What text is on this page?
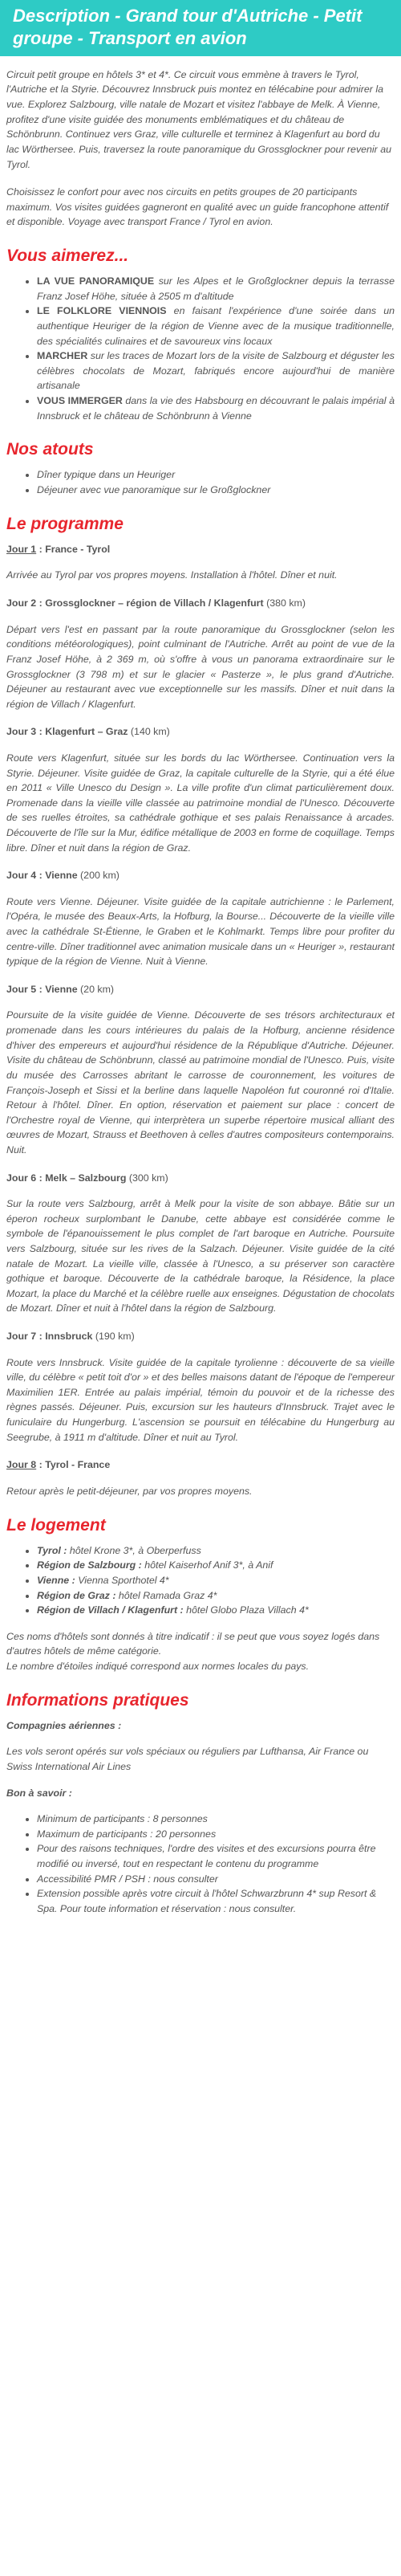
Description - Grand tour d'Autriche - Petit groupe - Transport en avion

Circuit petit groupe en hôtels 3* et 4*. Ce circuit vous emmène à travers le Tyrol, l'Autriche et la Styrie. Découvrez Innsbruck puis montez en télécabine pour admirer la vue. Explorez Salzbourg, ville natale de Mozart et visitez l'abbaye de Melk. À Vienne, profitez d'une visite guidée des monuments emblématiques et du château de Schönbrunn. Continuez vers Graz, ville culturelle et terminez à Klagenfurt au bord du lac Wörthersee. Puis, traversez la route panoramique du Grossglockner pour revenir au Tyrol.

Choisissez le confort pour avec nos circuits en petits groupes de 20 participants maximum. Vos visites guidées gagneront en qualité avec un guide francophone attentif et disponible. Voyage avec transport France / Tyrol en avion.

Vous aimerez...
• LA VUE PANORAMIQUE sur les Alpes et le Großglockner depuis la terrasse Franz Josef Höhe, située à 2505 m d'altitude
• LE FOLKLORE VIENNOIS en faisant l'expérience d'une soirée dans un authentique Heuriger de la région de Vienne avec de la musique traditionnelle, des spécialités culinaires et de savoureux vins locaux
• MARCHER sur les traces de Mozart lors de la visite de Salzbourg et déguster les célèbres chocolats de Mozart, fabriqués encore aujourd'hui de manière artisanale
• VOUS IMMERGER dans la vie des Habsbourg en découvrant le palais impérial à Innsbruck et le château de Schönbrunn à Vienne
Nos atouts
• Dîner typique dans un Heuriger
• Déjeuner avec vue panoramique sur le Großglockner
Le programme

Jour 1 : France - Tyrol

Arrivée au Tyrol par vos propres moyens. Installation à l'hôtel. Dîner et nuit.

Jour 2 : Grossglockner – région de Villach / Klagenfurt (380 km)

Départ vers l'est en passant par la route panoramique du Grossglockner (selon les conditions météorologiques), point culminant de l'Autriche. Arrêt au point de vue de la Franz Josef Höhe, à 2 369 m, où s'offre à vous un panorama extraordinaire sur le Grossglockner (3 798 m) et sur le glacier « Pasterze », le plus grand d'Autriche. Déjeuner au restaurant avec vue exceptionnelle sur les massifs. Dîner et nuit dans la région de Villach / Klagenfurt.

Jour 3 : Klagenfurt – Graz (140 km)

Route vers Klagenfurt, située sur les bords du lac Wörthersee. Continuation vers la Styrie. Déjeuner. Visite guidée de Graz, la capitale culturelle de la Styrie, qui a été élue en 2011 « Ville Unesco du Design ». La ville profite d'un climat particulièrement doux. Promenade dans la vieille ville classée au patrimoine mondial de l'Unesco. Découverte de ses ruelles étroites, sa cathédrale gothique et ses palais Renaissance à arcades. Découverte de l'île sur la Mur, édifice métallique de 2003 en forme de coquillage. Temps libre. Dîner et nuit dans la région de Graz.

Jour 4 : Vienne (200 km)

Route vers Vienne. Déjeuner. Visite guidée de la capitale autrichienne : le Parlement, l'Opéra, le musée des Beaux-Arts, la Hofburg, la Bourse... Découverte de la vieille ville avec la cathédrale St-Étienne, le Graben et le Kohlmarkt. Temps libre pour profiter du centre-ville. Dîner traditionnel avec animation musicale dans un « Heuriger », restaurant typique de la région de Vienne. Nuit à Vienne.

Jour 5 : Vienne (20 km)

Poursuite de la visite guidée de Vienne. Découverte de ses trésors architecturaux et promenade dans les cours intérieures du palais de la Hofburg, ancienne résidence d'hiver des empereurs et aujourd'hui résidence de la République d'Autriche. Déjeuner. Visite du château de Schönbrunn, classé au patrimoine mondial de l'Unesco. Puis, visite du musée des Carrosses abritant le carrosse de couronnement, les voitures de François-Joseph et Sissi et la berline dans laquelle Napoléon fut couronné roi d'Italie. Retour à l'hôtel. Dîner. En option, réservation et paiement sur place : concert de l'Orchestre royal de Vienne, qui interprètera un superbe répertoire musical alliant des œuvres de Mozart, Strauss et Beethoven à celles d'autres compositeurs contemporains. Nuit.

Jour 6 : Melk – Salzbourg (300 km)

Sur la route vers Salzbourg, arrêt à Melk pour la visite de son abbaye. Bâtie sur un éperon rocheux surplombant le Danube, cette abbaye est considérée comme le symbole de l'épanouissement le plus complet de l'art baroque en Autriche. Poursuite vers Salzbourg, située sur les rives de la Salzach. Déjeuner. Visite guidée de la cité natale de Mozart. La vieille ville, classée à l'Unesco, a su préserver son caractère gothique et baroque. Découverte de la cathédrale baroque, la Résidence, la place Mozart, la place du Marché et la célèbre ruelle aux enseignes. Dégustation de chocolats de Mozart. Dîner et nuit à l'hôtel dans la région de Salzbourg.

Jour 7 : Innsbruck (190 km)

Route vers Innsbruck. Visite guidée de la capitale tyrolienne : découverte de sa vieille ville, du célèbre « petit toit d'or » et des belles maisons datant de l'époque de l'empereur Maximilien 1ER. Entrée au palais impérial, témoin du pouvoir et de la richesse des règnes passés. Déjeuner. Puis, excursion sur les hauteurs d'Innsbruck. Trajet avec le funiculaire du Hungerburg. L'ascension se poursuit en télécabine du Hungerburg au Seegrube, à 1911 m d'altitude. Dîner et nuit au Tyrol.

Jour 8 : Tyrol - France

Retour après le petit-déjeuner, par vos propres moyens.

Le logement
• Tyrol : hôtel Krone 3*, à Oberperfuss
• Région de Salzbourg : hôtel Kaiserhof Anif 3*, à Anif
• Vienne : Vienna Sporthotel 4*
• Région de Graz : hôtel Ramada Graz 4*
• Région de Villach / Klagenfurt : hôtel Globo Plaza Villach 4*

Ces noms d'hôtels sont donnés à titre indicatif : il se peut que vous soyez logés dans d'autres hôtels de même catégorie.

Le nombre d'étoiles indiqué correspond aux normes locales du pays.

Informations pratiques

Compagnies aériennes :

Les vols seront opérés sur vols spéciaux ou réguliers par Lufthansa, Air France ou Swiss International Air Lines

Bon à savoir :

• Minimum de participants : 8 personnes
• Maximum de participants : 20 personnes
• Pour des raisons techniques, l'ordre des visites et des excursions pourra être modifié ou inversé, tout en respectant le contenu du programme
• Accessibilité PMR / PSH : nous consulter
• Extension possible après votre circuit à l'hôtel Schwarzbrunn 4* sup Resort & Spa. Pour toute information et réservation : nous consulter.
